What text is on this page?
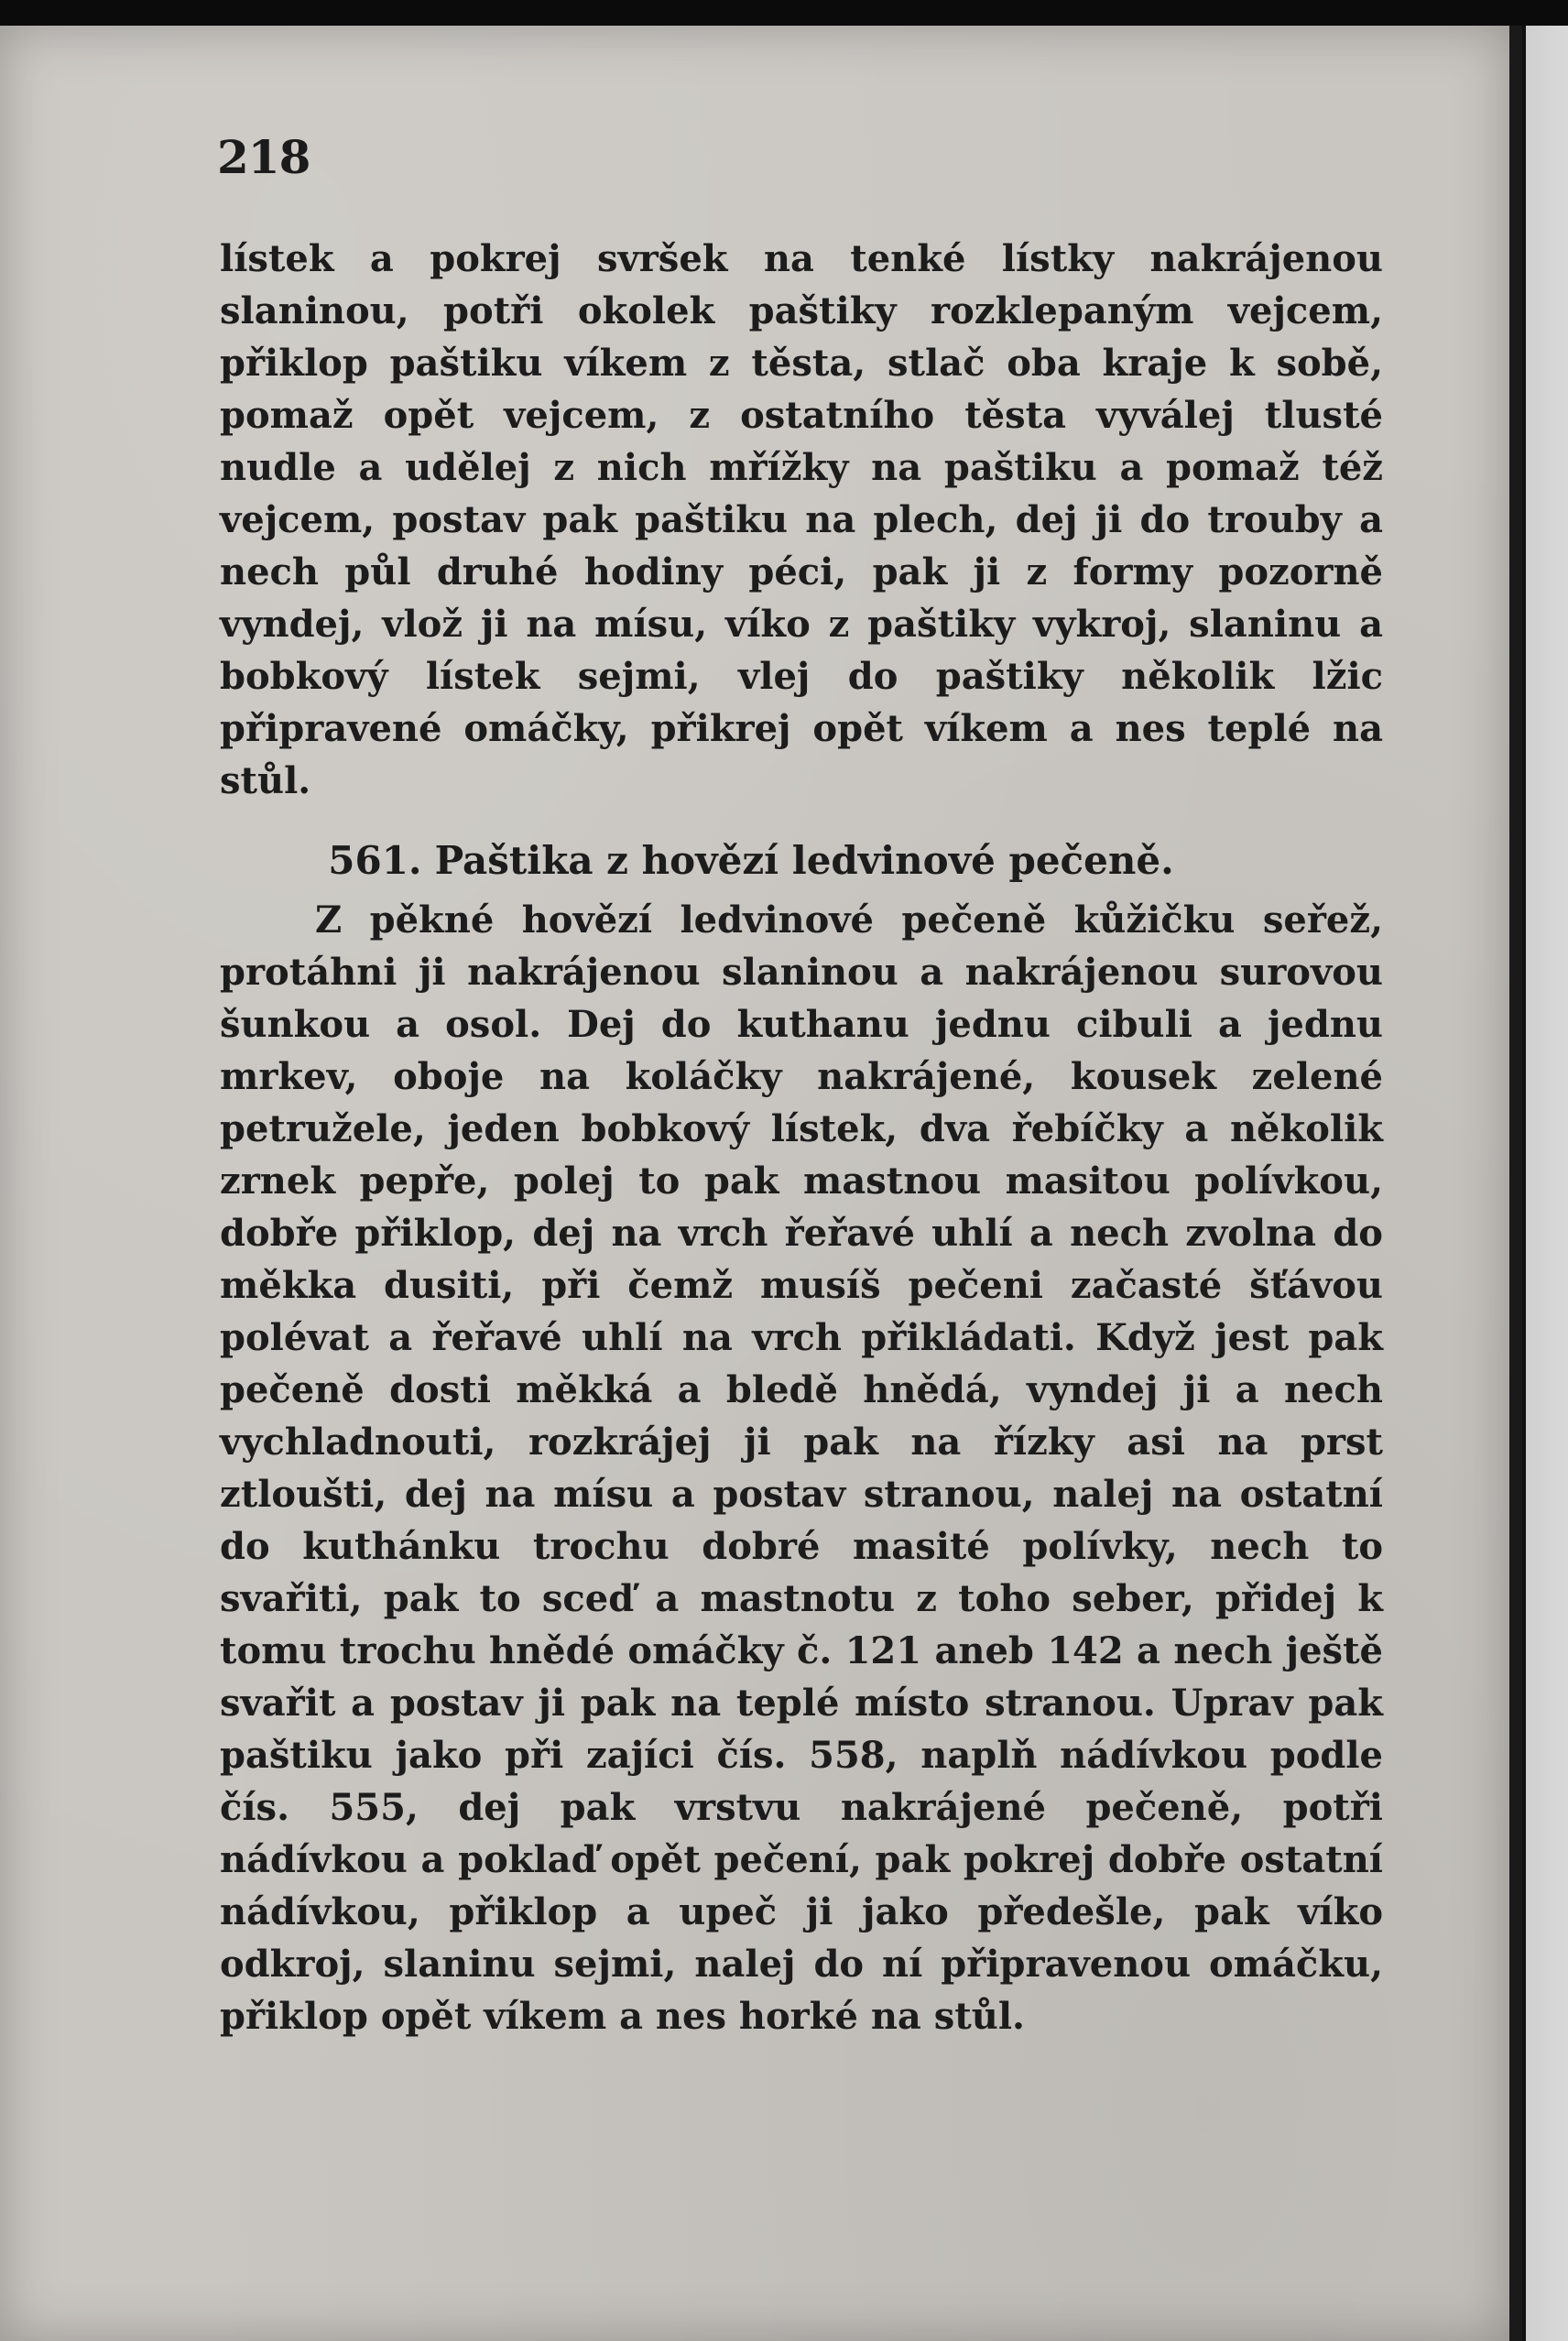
218

lístek a pokrej svršek na tenké lístky nakrájenou slaninou, potři okolek paštiky rozklepaným vejcem, přiklop paštiku víkem z těsta, stlač oba kraje k sobě, pomaž opět vejcem, z ostatního těsta vyválej tlusté nudle a udělej z nich mřížky na paštiku a pomaž též vejcem, postav pak paštiku na plech, dej ji do trouby a nech půl druhé hodiny péci, pak ji z formy pozorně vyndej, vlož ji na mísu, víko z paštiky vykroj, slaninu a bobkový lístek sejmi, vlej do paštiky několik lžic připravené omáčky, přikrej opět víkem a nes teplé na stůl.

561. Paštika z hovězí ledvinové pečeně.

Z pěkné hovězí ledvinové pečeně kůžičku seřež, protáhni ji nakrájenou slaninou a nakrájenou surovou šunkou a osol. Dej do kuthanu jednu cibuli a jednu mrkev, oboje na koláčky nakrájené, kousek zelené petruželе, jeden bobkový lístek, dva řebíčky a několik zrnek pepře, polej to pak mastnou masitou polívkou, dobře přiklop, dej na vrch řeřavé uhlí a nech zvolna do měkka dusiti, při čemž musíš pečeni začasté šťávou polévat a řeřavé uhlí na vrch přikládati. Když jest pak pečeně dosti měkká a bledě hnědá, vyndej ji a nech vychladnouti, rozkrájej ji pak na řízky asi na prst ztloušti, dej na mísu a postav stranou, nalej na ostatní do kuthánku trochu dobré masité polívky, nech to svařiti, pak to sceď a mastnotu z toho seber, přidej k tomu trochu hnědé omáčky č. 121 aneb 142 a nech ještě svařit a postav ji pak na teplé místo stranou. Uprav pak paštiku jako při zajíci čís. 558, naplň nádívkou podle čís. 555, dej pak vrstvu nakrájené pečeně, potři nádívkou a poklaď opět pečení, pak pokrej dobře ostatní nádívkou, přiklop a upeč ji jako předešle, pak víko odkroj, slaninu sejmi, nalej do ní připravenou omáčku, přiklop opět víkem a nes horké na stůl.
